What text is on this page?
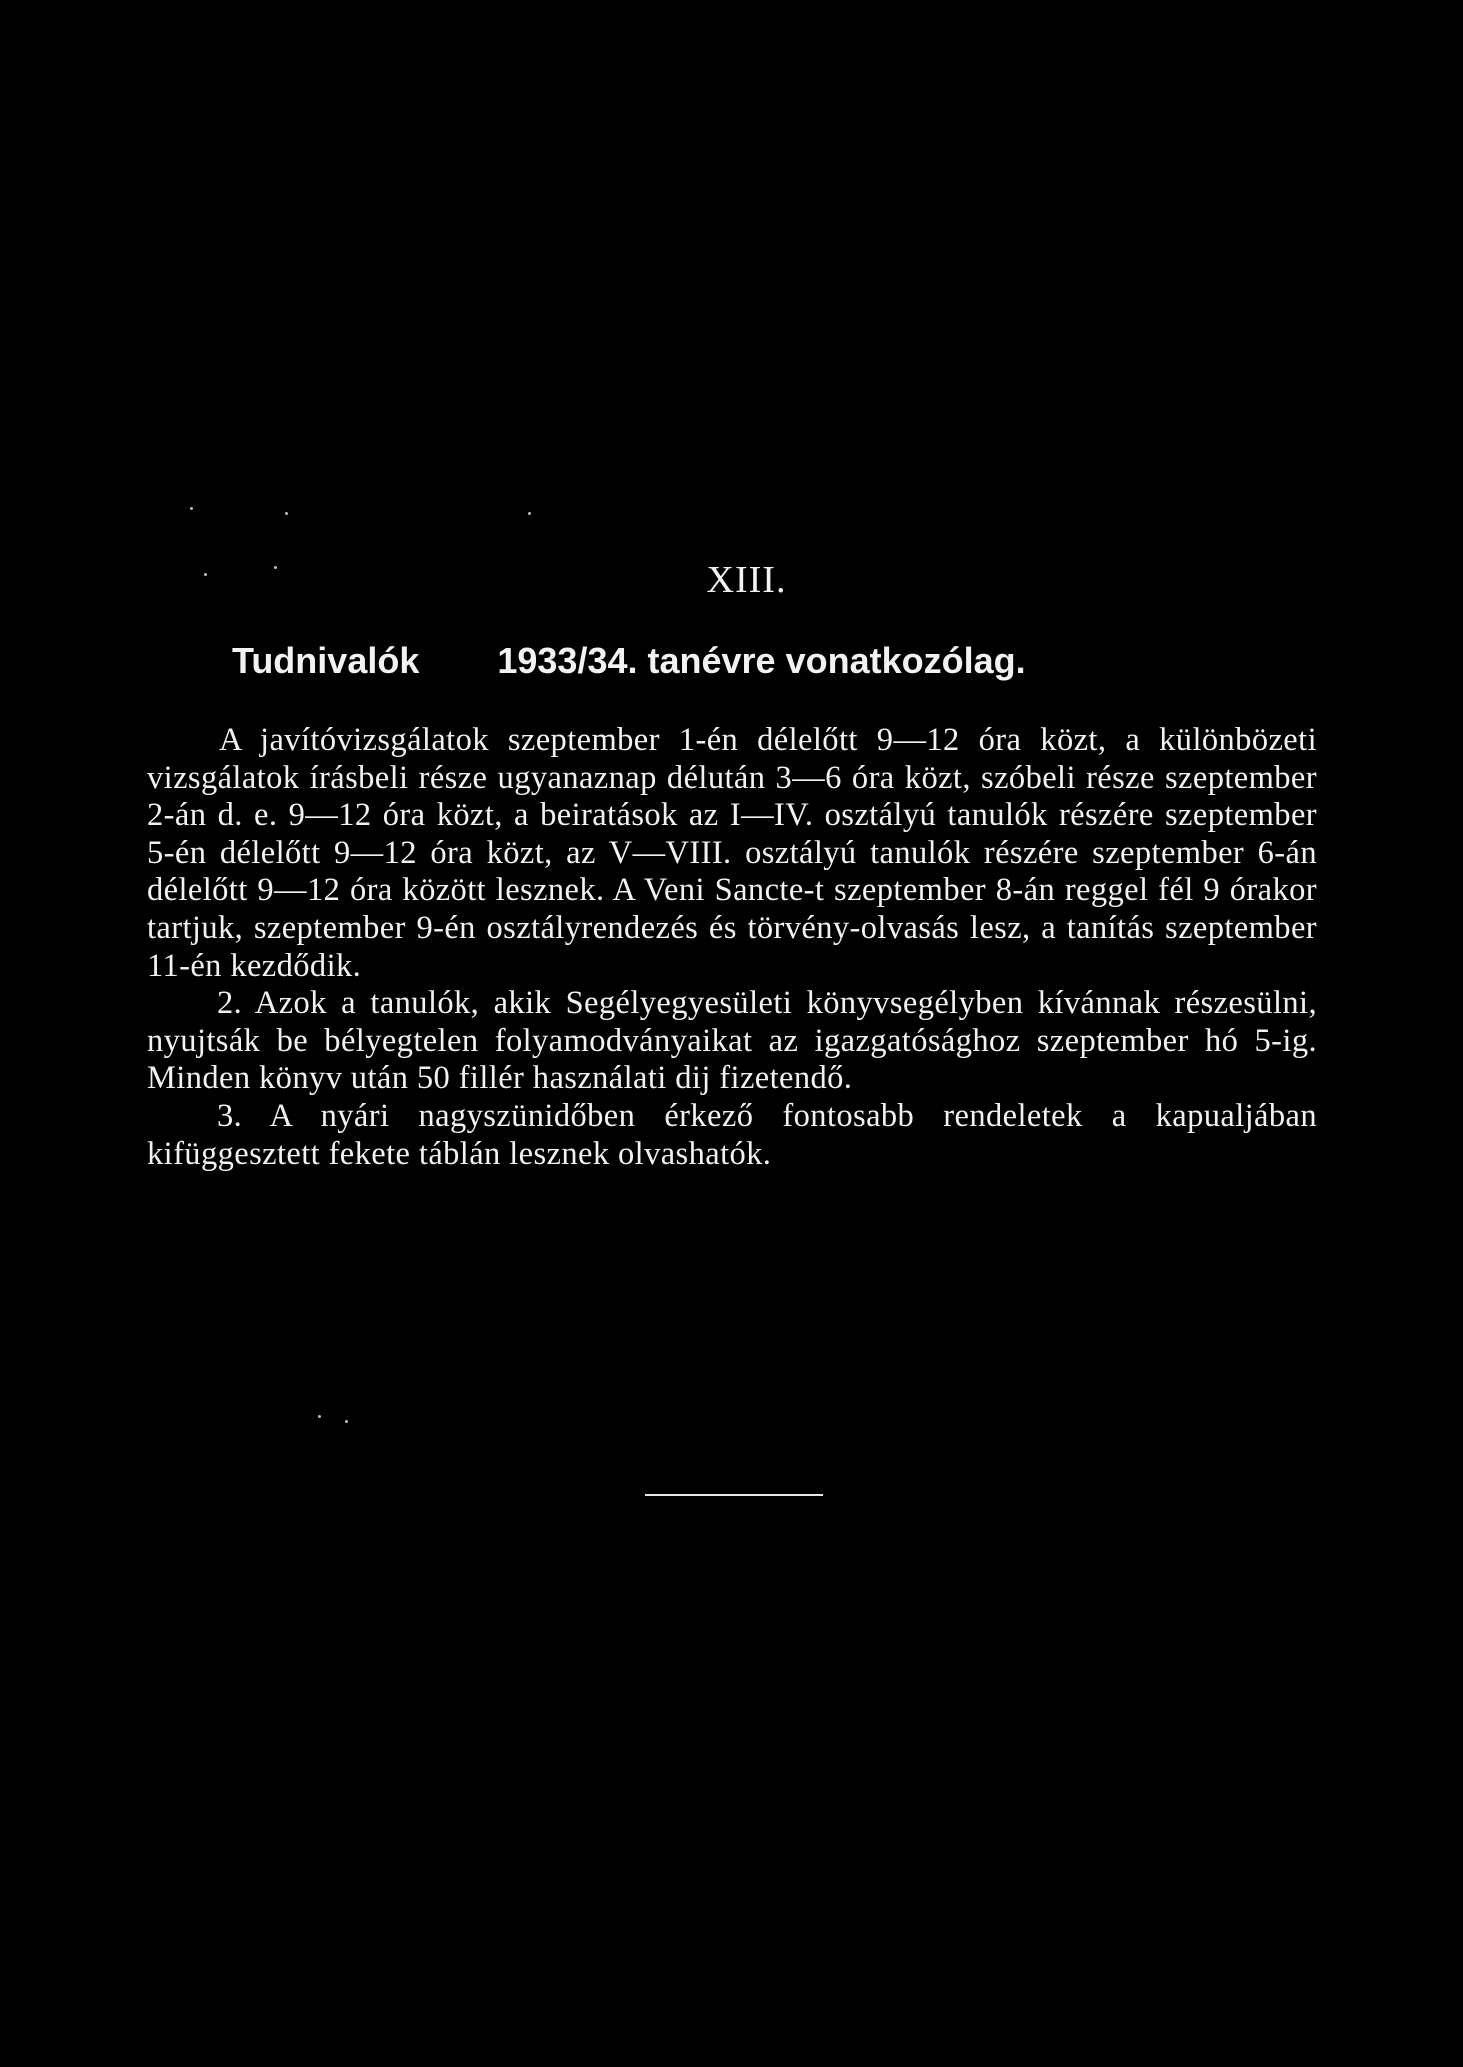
XIII.
Tudnivalók 1933/34. tanévre vonatkozólag.

A javítóvizsgálatok szeptember 1-én délelőtt 9—12 óra közt, a különbözeti vizsgálatok írásbeli része ugyanaznap délután 3—6 óra közt, szóbeli része szeptember 2-án d. e. 9—12 óra közt, a beiratások az I—IV. osztályú tanulók részére szeptember 5-én délelőtt 9—12 óra közt, az V—VIII. osztályú tanulók részére szeptember 6-án délelőtt 9—12 óra között lesznek. A Veni Sancte-t szeptember 8-án reggel fél 9 órakor tartjuk, szeptember 9-én osztályrendezés és törvény-olvasás lesz, a tanítás szeptember 11-én kezdődik.

2. Azok a tanulók, akik Segélyegyesületi könyvsegélyben kívánnak részesülni, nyujtsák be bélyegtelen folyamodványaikat az igazgatósághoz szeptember hó 5-ig. Minden könyv után 50 fillér használati dij fizetendő.

3. A nyári nagyszünidőben érkező fontosabb rendeletek a kapualjában kifüggesztett fekete táblán lesznek olvashatók.
